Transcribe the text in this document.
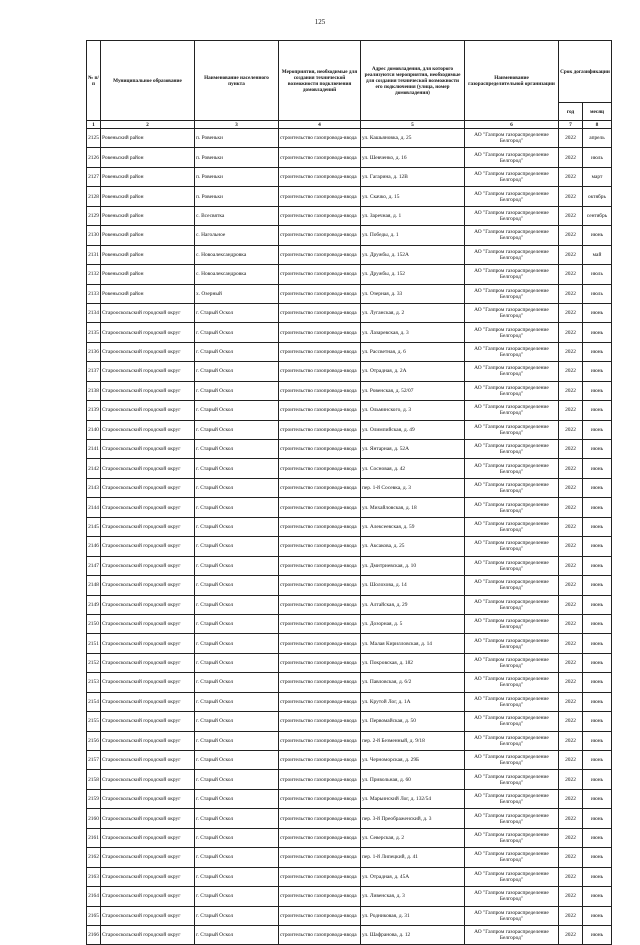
125
№ п/п	Муниципальное образование	Наименование населенного пункта	Мероприятия, необходимые для создания технической возможности подключения домовладений	Адрес домовладения, для которого реализуются мероприятия, необходимые для создания технической возможности его подключения (улица, номер домовладения)	Наименование газораспределительной организации	Срок догазификации	
						год	месяц
1	2	3	4	5	6	7	8
2125	Ровеньский район	п. Ровеньки	строительство газопровода-ввода	ул. Кашьяновка, д. 25	АО "Газпром газораспределение Белгород"	2022	апрель
2126	Ровеньский район	п. Ровеньки	строительство газопровода-ввода	ул. Шевченко, д. 16	АО "Газпром газораспределение Белгород"	2022	июль
2127	Ровеньский район	п. Ровеньки	строительство газопровода-ввода	ул. Гагарина, д. 12В	АО "Газпром газораспределение Белгород"	2022	март
2128	Ровеньский район	п. Ровеньки	строительство газопровода-ввода	ул. Скачко, д. 15	АО "Газпром газораспределение Белгород"	2022	октябрь
2129	Ровеньский район	с. Всесвятка	строительство газопровода-ввода	ул. Заречная, д. 1	АО "Газпром газораспределение Белгород"	2022	сентябрь
2130	Ровеньский район	с. Нагольное	строительство газопровода-ввода	ул. Победы, д. 1	АО "Газпром газораспределение Белгород"	2022	июнь
2131	Ровеньский район	с. Новоалександровка	строительство газопровода-ввода	ул. Дружбы, д. 152А	АО "Газпром газораспределение Белгород"	2022	май
2132	Ровеньский район	с. Новоалександровка	строительство газопровода-ввода	ул. Дружбы, д. 152	АО "Газпром газораспределение Белгород"	2022	июль
2133	Ровеньский район	х. Озерный	строительство газопровода-ввода	ул. Озерная, д. 33	АО "Газпром газораспределение Белгород"	2022	июль
2134	Старооскольский городской округ	г. Старый Оскол	строительство газопровода-ввода	ул. Луганская, д. 2	АО "Газпром газораспределение Белгород"	2022	июнь
2135	Старооскольский городской округ	г. Старый Оскол	строительство газопровода-ввода	ул. Лазаревская, д. 3	АО "Газпром газораспределение Белгород"	2022	июнь
2136	Старооскольский городской округ	г. Старый Оскол	строительство газопровода-ввода	ул. Рассветная, д. 6	АО "Газпром газораспределение Белгород"	2022	июнь
2137	Старооскольский городской округ	г. Старый Оскол	строительство газопровода-ввода	ул. Отрадная, д. 2А	АО "Газпром газораспределение Белгород"	2022	июнь
2138	Старооскольский городской округ	г. Старый Оскол	строительство газопровода-ввода	ул. Ровенская, д. 52/07	АО "Газпром газораспределение Белгород"	2022	июнь
2139	Старооскольский городской округ	г. Старый Оскол	строительство газопровода-ввода	ул. Ольминского, д. 3	АО "Газпром газораспределение Белгород"	2022	июнь
2140	Старооскольский городской округ	г. Старый Оскол	строительство газопровода-ввода	ул. Олимпийская, д. 49	АО "Газпром газораспределение Белгород"	2022	июнь
2141	Старооскольский городской округ	г. Старый Оскол	строительство газопровода-ввода	ул. Янтарная, д. 52А	АО "Газпром газораспределение Белгород"	2022	июнь
2142	Старооскольский городской округ	г. Старый Оскол	строительство газопровода-ввода	ул. Сосновая, д. 42	АО "Газпром газораспределение Белгород"	2022	июнь
2143	Старооскольский городской округ	г. Старый Оскол	строительство газопровода-ввода	пер. 1-й Сосевка, д. 3	АО "Газпром газораспределение Белгород"	2022	июнь
2144	Старооскольский городской округ	г. Старый Оскол	строительство газопровода-ввода	ул. Михайловская, д. 18	АО "Газпром газораспределение Белгород"	2022	июнь
2145	Старооскольский городской округ	г. Старый Оскол	строительство газопровода-ввода	ул. Алексеевская, д. 59	АО "Газпром газораспределение Белгород"	2022	июнь
2146	Старооскольский городской округ	г. Старый Оскол	строительство газопровода-ввода	ул. Аксакова, д. 25	АО "Газпром газораспределение Белгород"	2022	июнь
2147	Старооскольский городской округ	г. Старый Оскол	строительство газопровода-ввода	ул. Дмитриевская, д. 10	АО "Газпром газораспределение Белгород"	2022	июнь
2148	Старооскольский городской округ	г. Старый Оскол	строительство газопровода-ввода	ул. Шолохова, д. 14	АО "Газпром газораспределение Белгород"	2022	июнь
2149	Старооскольский городской округ	г. Старый Оскол	строительство газопровода-ввода	ул. Алтайская, д. 29	АО "Газпром газораспределение Белгород"	2022	июнь
2150	Старооскольский городской округ	г. Старый Оскол	строительство газопровода-ввода	ул. Дозорная, д. 5	АО "Газпром газораспределение Белгород"	2022	июнь
2151	Старооскольский городской округ	г. Старый Оскол	строительство газопровода-ввода	ул. Малая Кирилловская, д. 14	АО "Газпром газораспределение Белгород"	2022	июнь
2152	Старооскольский городской округ	г. Старый Оскол	строительство газопровода-ввода	ул. Покровская, д. 182	АО "Газпром газораспределение Белгород"	2022	июнь
2153	Старооскольский городской округ	г. Старый Оскол	строительство газопровода-ввода	ул. Павловская, д. 6/2	АО "Газпром газораспределение Белгород"	2022	июнь
2154	Старооскольский городской округ	г. Старый Оскол	строительство газопровода-ввода	ул. Крутой Лог, д. 1А	АО "Газпром газораспределение Белгород"	2022	июнь
2155	Старооскольский городской округ	г. Старый Оскол	строительство газопровода-ввода	ул. Первомайская, д. 50	АО "Газпром газораспределение Белгород"	2022	июнь
2156	Старооскольский городской округ	г. Старый Оскол	строительство газопровода-ввода	пер. 2-й Безменный, д. 9/18	АО "Газпром газораспределение Белгород"	2022	июнь
2157	Старооскольский городской округ	г. Старый Оскол	строительство газопровода-ввода	ул. Черноморская, д. 29Б	АО "Газпром газораспределение Белгород"	2022	июнь
2158	Старооскольский городской округ	г. Старый Оскол	строительство газопровода-ввода	ул. Привольная, д. 60	АО "Газпром газораспределение Белгород"	2022	июнь
2159	Старооскольский городской округ	г. Старый Оскол	строительство газопровода-ввода	ул. Марьинский Лог, д. 132/54	АО "Газпром газораспределение Белгород"	2022	июнь
2160	Старооскольский городской округ	г. Старый Оскол	строительство газопровода-ввода	пер. 3-й Преображенский, д. 3	АО "Газпром газораспределение Белгород"	2022	июнь
2161	Старооскольский городской округ	г. Старый Оскол	строительство газопровода-ввода	ул. Северская, д. 2	АО "Газпром газораспределение Белгород"	2022	июнь
2162	Старооскольский городской округ	г. Старый Оскол	строительство газопровода-ввода	пер. 1-й Липецкий, д. 41	АО "Газпром газораспределение Белгород"	2022	июнь
2163	Старооскольский городской округ	г. Старый Оскол	строительство газопровода-ввода	ул. Отрадная, д. 45А	АО "Газпром газораспределение Белгород"	2022	июнь
2164	Старооскольский городской округ	г. Старый Оскол	строительство газопровода-ввода	ул. Ливенская, д. 3	АО "Газпром газораспределение Белгород"	2022	июнь
2165	Старооскольский городской округ	г. Старый Оскол	строительство газопровода-ввода	ул. Родниковая, д. 31	АО "Газпром газораспределение Белгород"	2022	июнь
2166	Старооскольский городской округ	г. Старый Оскол	строительство газопровода-ввода	ул. Шафранова, д. 12	АО "Газпром газораспределение Белгород"	2022	июнь
